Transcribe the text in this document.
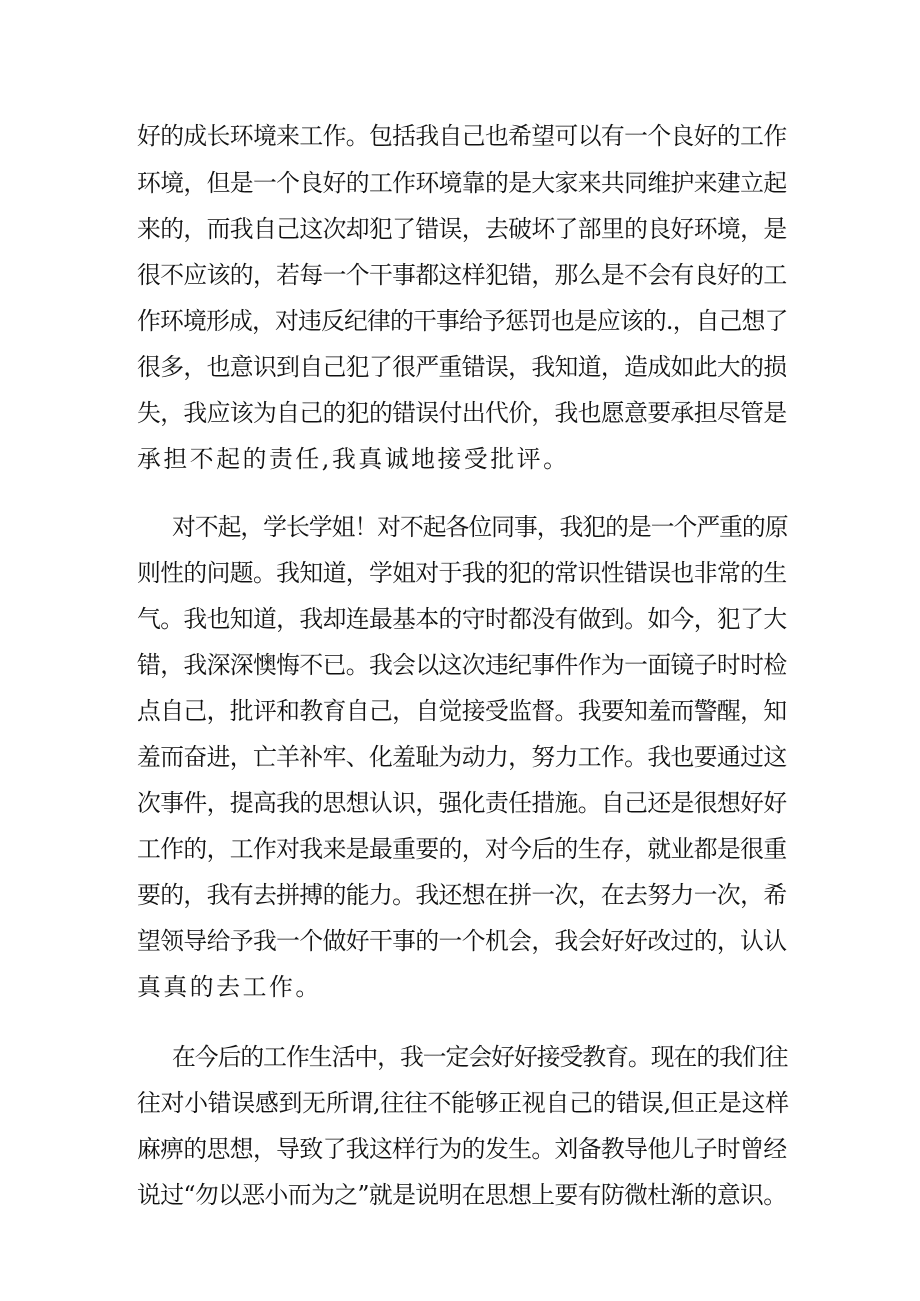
好的成长环境来工作。包括我自己也希望可以有一个良好的工作
环境，但是一个良好的工作环境靠的是大家来共同维护来建立起
来的，而我自己这次却犯了错误，去破坏了部里的良好环境，是
很不应该的，若每一个干事都这样犯错，那么是不会有良好的工
作环境形成，对违反纪律的干事给予惩罚也是应该的.，自己想了
很多，也意识到自己犯了很严重错误，我知道，造成如此大的损
失，我应该为自己的犯的错误付出代价，我也愿意要承担尽管是
承担不起的责任,我真诚地接受批评。
对不起，学长学姐！对不起各位同事，我犯的是一个严重的原
则性的问题。我知道，学姐对于我的犯的常识性错误也非常的生
气。我也知道，我却连最基本的守时都没有做到。如今，犯了大
错，我深深懊悔不已。我会以这次违纪事件作为一面镜子时时检
点自己，批评和教育自己，自觉接受监督。我要知羞而警醒，知
羞而奋进，亡羊补牢、化羞耻为动力，努力工作。我也要通过这
次事件，提高我的思想认识，强化责任措施。自己还是很想好好
工作的，工作对我来是最重要的，对今后的生存，就业都是很重
要的，我有去拼搏的能力。我还想在拼一次，在去努力一次，希
望领导给予我一个做好干事的一个机会，我会好好改过的，认认
真真的去工作。
在今后的工作生活中，我一定会好好接受教育。现在的我们往
往对小错误感到无所谓,往往不能够正视自己的错误,但正是这样
麻痹的思想，导致了我这样行为的发生。刘备教导他儿子时曾经
说过“勿以恶小而为之”就是说明在思想上要有防微杜渐的意识。
